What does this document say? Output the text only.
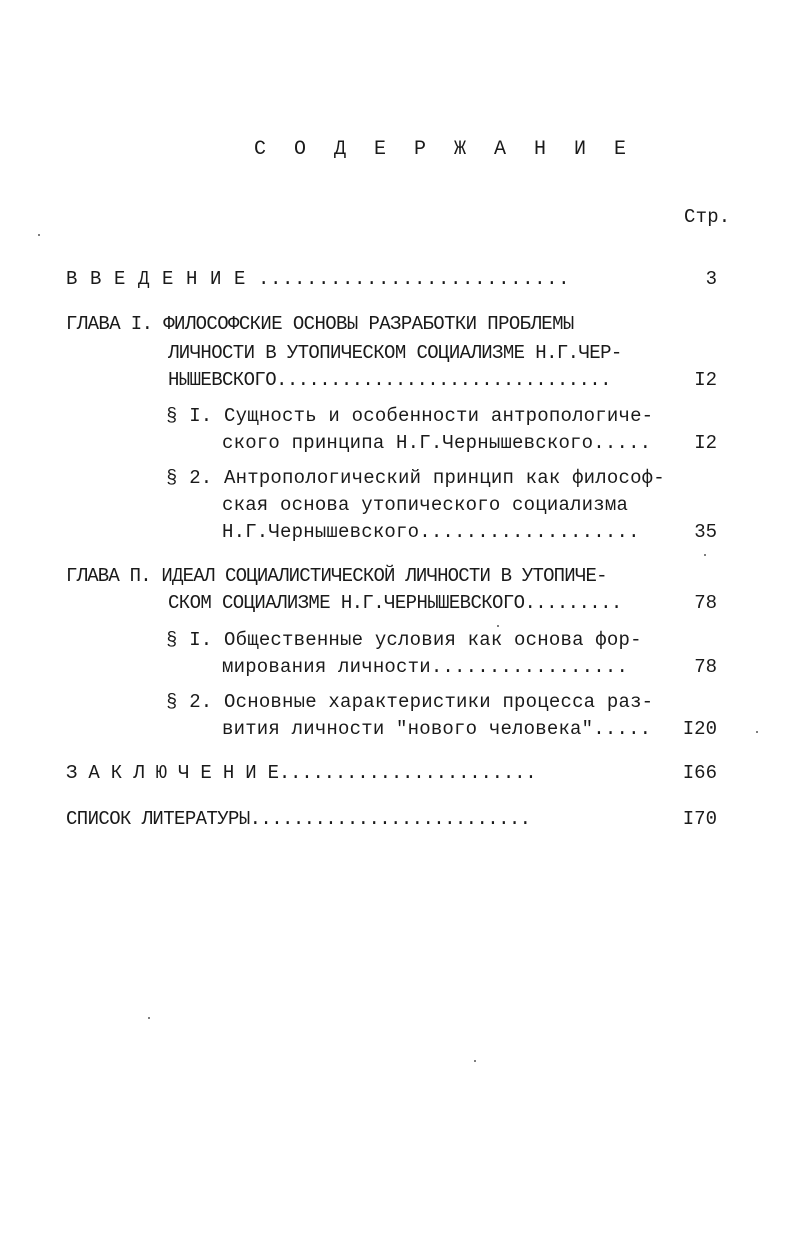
С О Д Е Р Ж А Н И Е
Стр.
В В Е Д Е Н И Е ..........................	3
ГЛАВА I. ФИЛОСОФСКИЕ ОСНОВЫ РАЗРАБОТКИ ПРОБЛЕМЫ
ЛИЧНОСТИ В УТОПИЧЕСКОМ СОЦИАЛИЗМЕ Н.Г.ЧЕР-
НЫШЕВСКОГО...............................	I2
§ I. Сущность и особенности антропологиче-
ского принципа Н.Г.Чернышевского.....	I2
§ 2. Антропологический принцип как философ-
ская основа утопического социализма
Н.Г.Чернышевского...................	35
ГЛАВА П. ИДЕАЛ СОЦИАЛИСТИЧЕСКОЙ ЛИЧНОСТИ В УТОПИЧЕ-
СКОМ СОЦИАЛИЗМЕ Н.Г.ЧЕРНЫШЕВСКОГО.........	78
§ I. Общественные условия как основа фор-
мирования личности.................	78
§ 2. Основные характеристики процесса раз-
вития личности "нового человека".....	I20
З А К Л Ю Ч Е Н И Е.......................	I66
СПИСОК ЛИТЕРАТУРЫ..........................	I70
